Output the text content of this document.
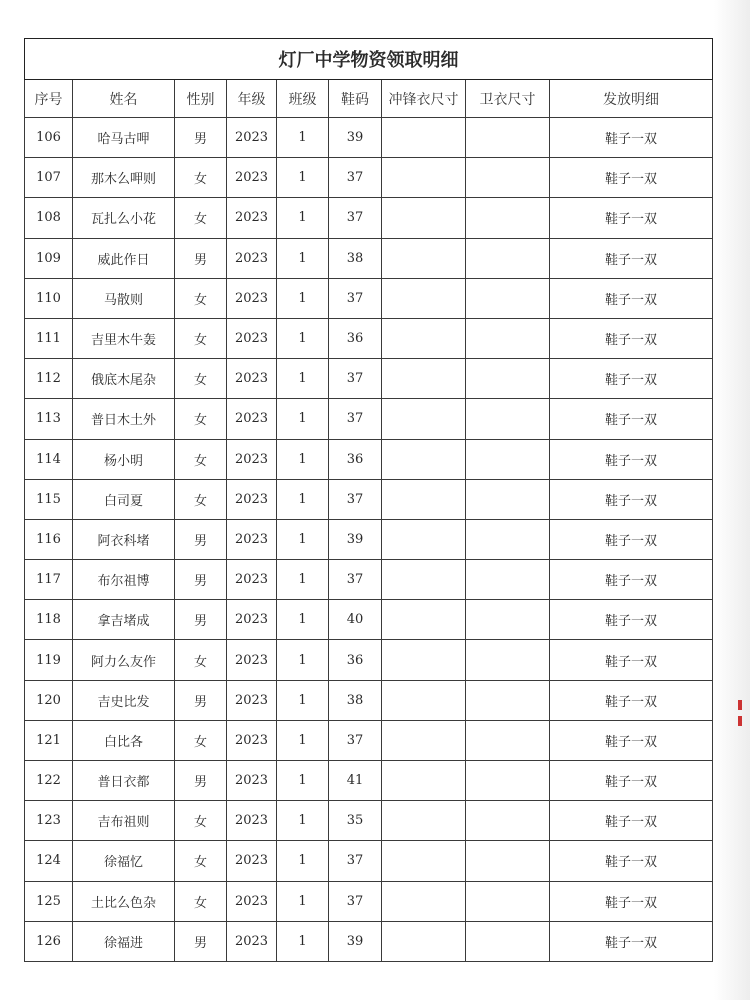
灯厂中学物资领取明细								
序号	姓名	性别	年级	班级	鞋码	冲锋衣尺寸	卫衣尺寸	发放明细
106	哈马古呷	男	2023	1	39			鞋子一双
107	那木么呷则	女	2023	1	37			鞋子一双
108	瓦扎么小花	女	2023	1	37			鞋子一双
109	威此作日	男	2023	1	38			鞋子一双
110	马散则	女	2023	1	37			鞋子一双
111	吉里木牛轰	女	2023	1	36			鞋子一双
112	俄底木尾杂	女	2023	1	37			鞋子一双
113	普日木土外	女	2023	1	37			鞋子一双
114	杨小明	女	2023	1	36			鞋子一双
115	白司夏	女	2023	1	37			鞋子一双
116	阿衣科堵	男	2023	1	39			鞋子一双
117	布尔祖博	男	2023	1	37			鞋子一双
118	拿吉堵成	男	2023	1	40			鞋子一双
119	阿力么友作	女	2023	1	36			鞋子一双
120	吉史比发	男	2023	1	38			鞋子一双
121	白比各	女	2023	1	37			鞋子一双
122	普日衣都	男	2023	1	41			鞋子一双
123	吉布祖则	女	2023	1	35			鞋子一双
124	徐福忆	女	2023	1	37			鞋子一双
125	土比么色杂	女	2023	1	37			鞋子一双
126	徐福进	男	2023	1	39			鞋子一双
